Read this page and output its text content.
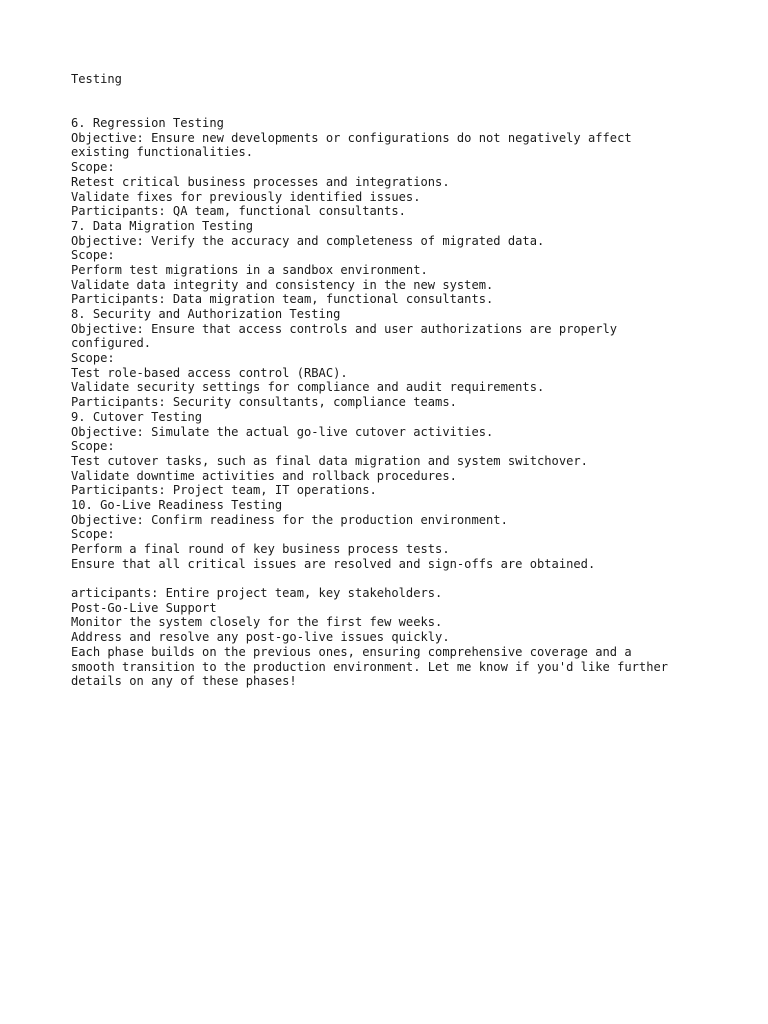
Testing
6. Regression Testing
Objective: Ensure new developments or configurations do not negatively affect
existing functionalities.
Scope:
Retest critical business processes and integrations.
Validate fixes for previously identified issues.
Participants: QA team, functional consultants.
7. Data Migration Testing
Objective: Verify the accuracy and completeness of migrated data.
Scope:
Perform test migrations in a sandbox environment.
Validate data integrity and consistency in the new system.
Participants: Data migration team, functional consultants.
8. Security and Authorization Testing
Objective: Ensure that access controls and user authorizations are properly
configured.
Scope:
Test role-based access control (RBAC).
Validate security settings for compliance and audit requirements.
Participants: Security consultants, compliance teams.
9. Cutover Testing
Objective: Simulate the actual go-live cutover activities.
Scope:
Test cutover tasks, such as final data migration and system switchover.
Validate downtime activities and rollback procedures.
Participants: Project team, IT operations.
10. Go-Live Readiness Testing
Objective: Confirm readiness for the production environment.
Scope:
Perform a final round of key business process tests.
Ensure that all critical issues are resolved and sign-offs are obtained.
articipants: Entire project team, key stakeholders.
Post-Go-Live Support
Monitor the system closely for the first few weeks.
Address and resolve any post-go-live issues quickly.
Each phase builds on the previous ones, ensuring comprehensive coverage and a
smooth transition to the production environment. Let me know if you'd like further
details on any of these phases!
